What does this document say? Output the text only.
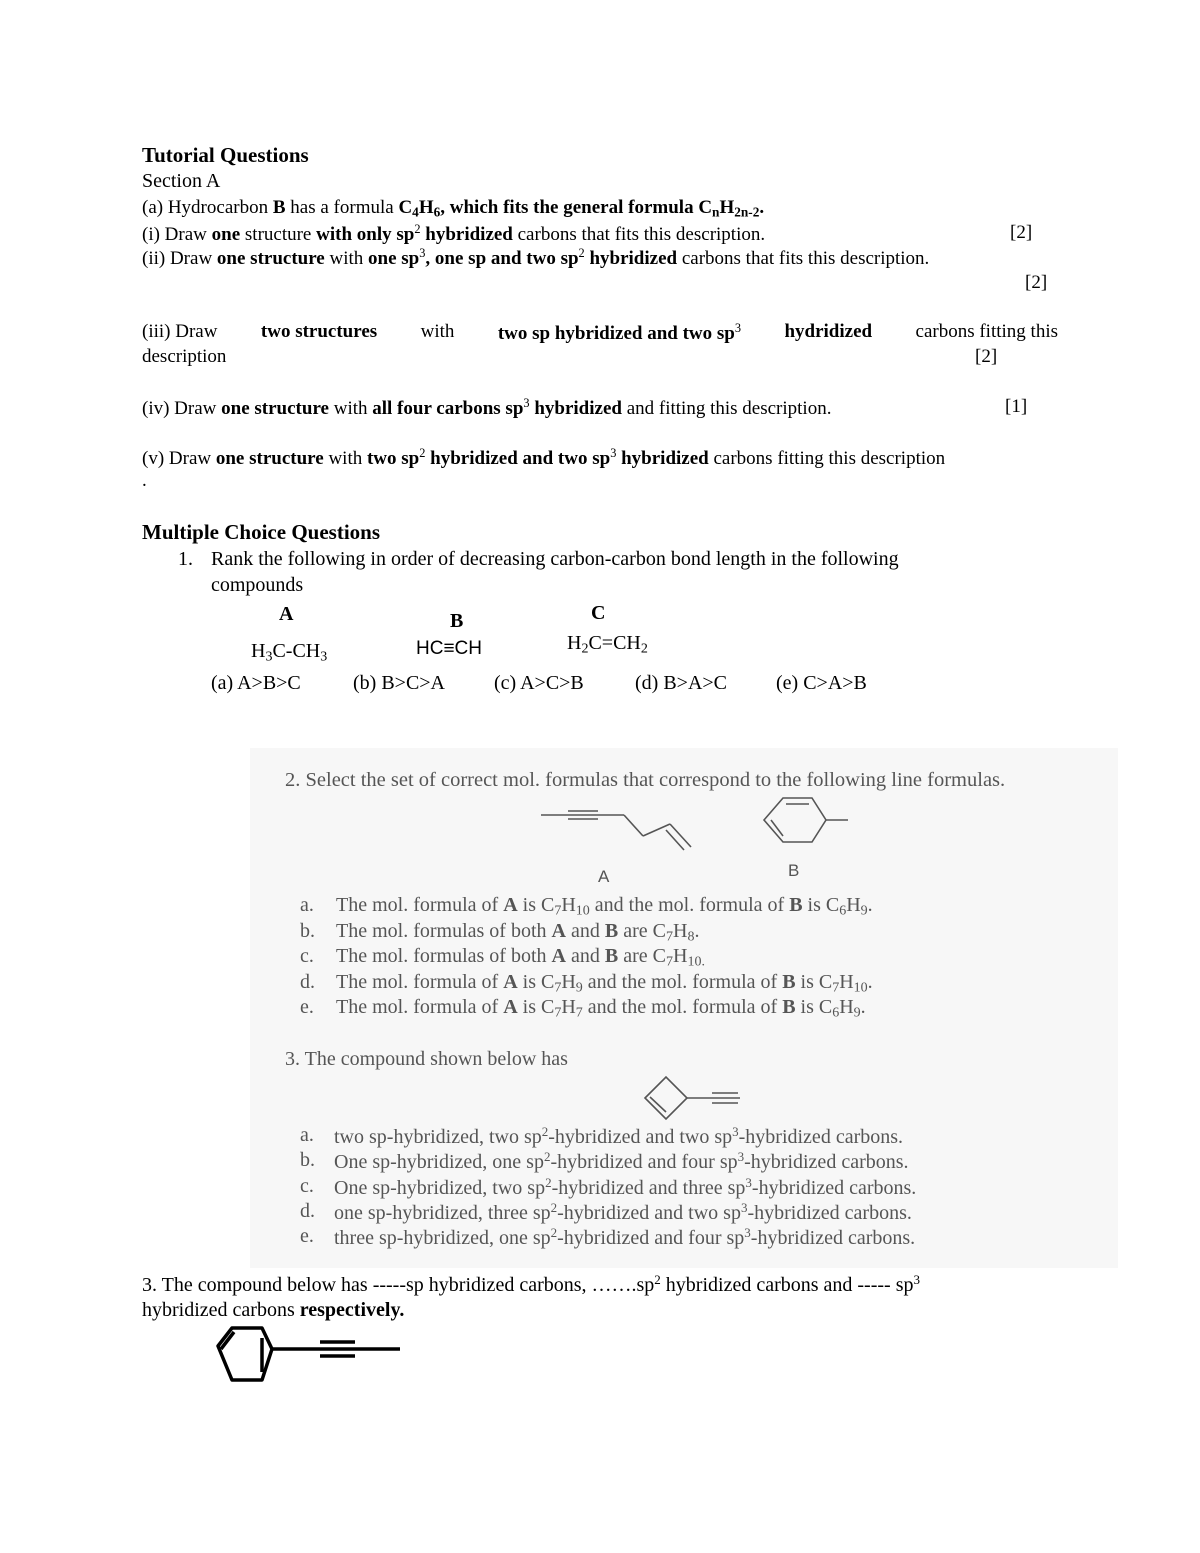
Tutorial Questions
Section A
(a) Hydrocarbon B has a formula $C_4H_6$, which fits the general formula $C_nH_{2n-2}$.
(i) Draw one structure with only $sp^2$ hybridized carbons that fits this description.	[2]
(ii) Draw one structure with one $sp^3$, one sp and two $sp^2$ hybridized carbons that fits this description.
[2]
(iii) Draw two structures with two sp hybridized and two $sp^3$ hydridized carbons fitting this
description	[2]
(iv) Draw one structure with all four carbons $sp^3$ hybridized and fitting this description.	[1]
(v) Draw one structure with two $sp^2$ hybridized and two $sp^3$ hybridized carbons fitting this description
.
Multiple Choice Questions
1. Rank the following in order of decreasing carbon-carbon bond length in the following
compounds
A	B	C
$H_3C-CH_3$	HC≡CH	$H_2C=CH_2$
(a) A>B>C	(b) B>C>A (c) A>C>B	(d) B>A>C (e) C>A>B
2. Select the set of correct mol. formulas that correspond to the following line formulas.
A	B
a. The mol. formula of A is $C_7H_{10}$ and the mol. formula of B is $C_6H_9$.
b. The mol. formulas of both A and B are $C_7H_8$.
c. The mol. formulas of both A and B are $C_7H_{10.}$
d. The mol. formula of A is $C_7H_9$ and the mol. formula of B is $C_7H_{10}$.
e. The mol. formula of A is $C_7H_7$ and the mol. formula of B is $C_6H_9$.
3. The compound shown below has
a. two sp-hybridized, two $sp^2$-hybridized and two $sp^3$-hybridized carbons.
b. One sp-hybridized, one $sp^2$-hybridized and four $sp^3$-hybridized carbons.
c. One sp-hybridized, two $sp^2$-hybridized and three $sp^3$-hybridized carbons.
d. one sp-hybridized, three $sp^2$-hybridized and two $sp^3$-hybridized carbons.
e. three sp-hybridized, one $sp^2$-hybridized and four $sp^3$-hybridized carbons.
3. The compound below has -----sp hybridized carbons, $\dots\dots.sp^2$ hybridized carbons and ----- $sp^3$
hybridized carbons respectively.
